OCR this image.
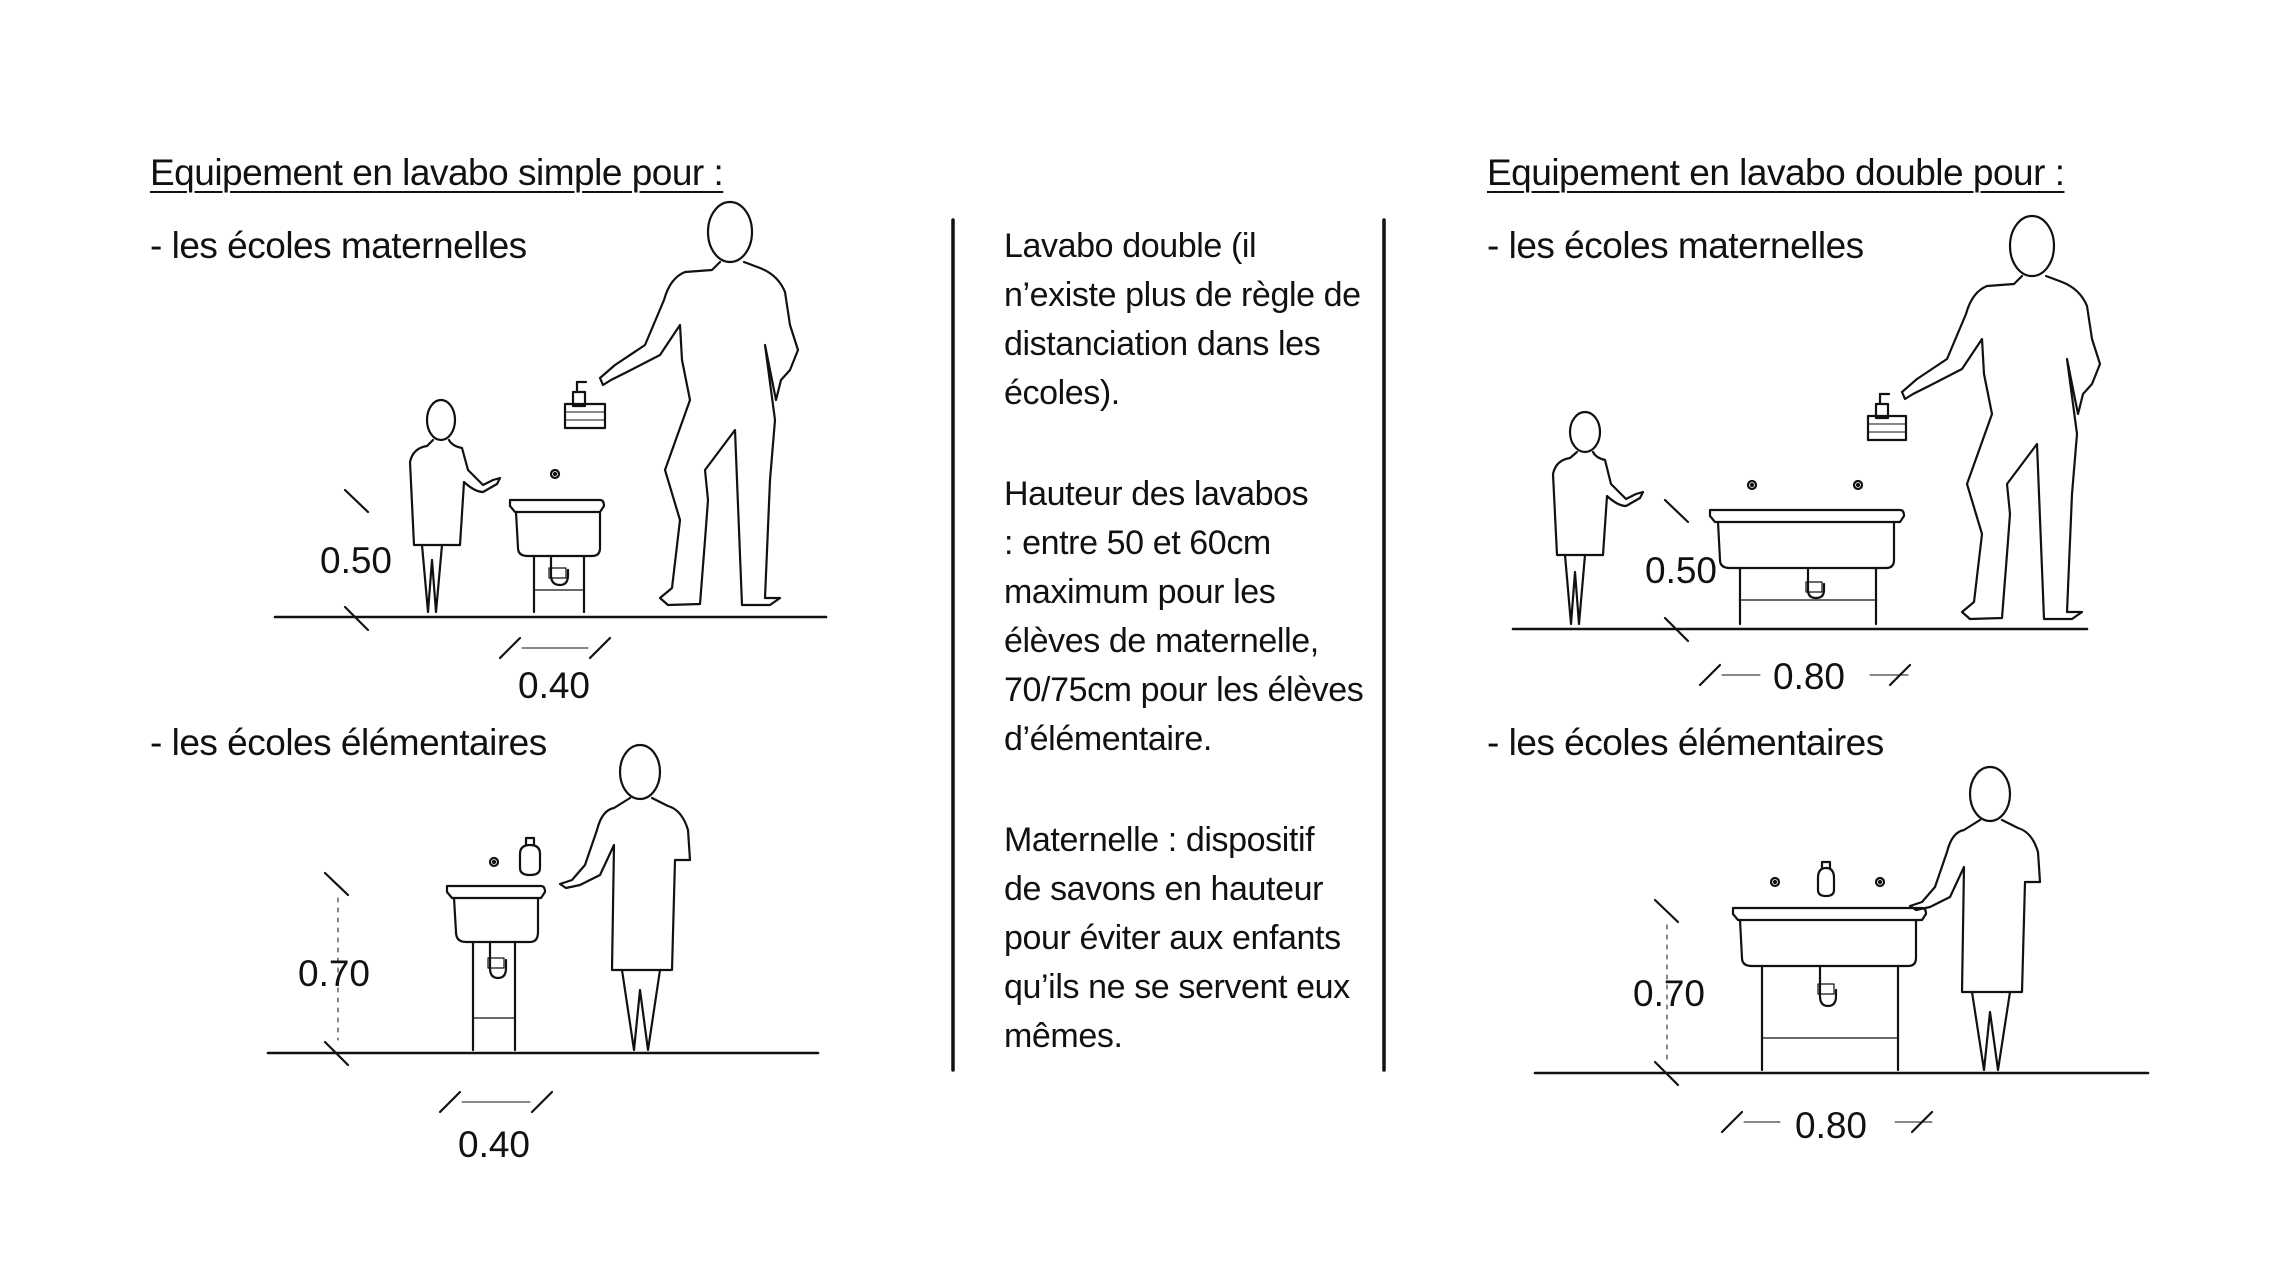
Equipement en lavabo simple pour :
- les écoles maternelles
- les écoles élémentaires
0.50
0.40
0.70
0.40
Lavabo double (il
n’existe plus de règle de
distanciation dans les
écoles).
Hauteur des lavabos
: entre 50 et 60cm
maximum pour les
élèves de maternelle,
70/75cm pour les élèves
d’élémentaire.
Maternelle : dispositif
de savons en hauteur
pour éviter aux enfants
qu’ils ne se servent eux
mêmes.
Equipement en lavabo double pour :
- les écoles maternelles
- les écoles élémentaires
0.50
0.80
0.70
0.80
